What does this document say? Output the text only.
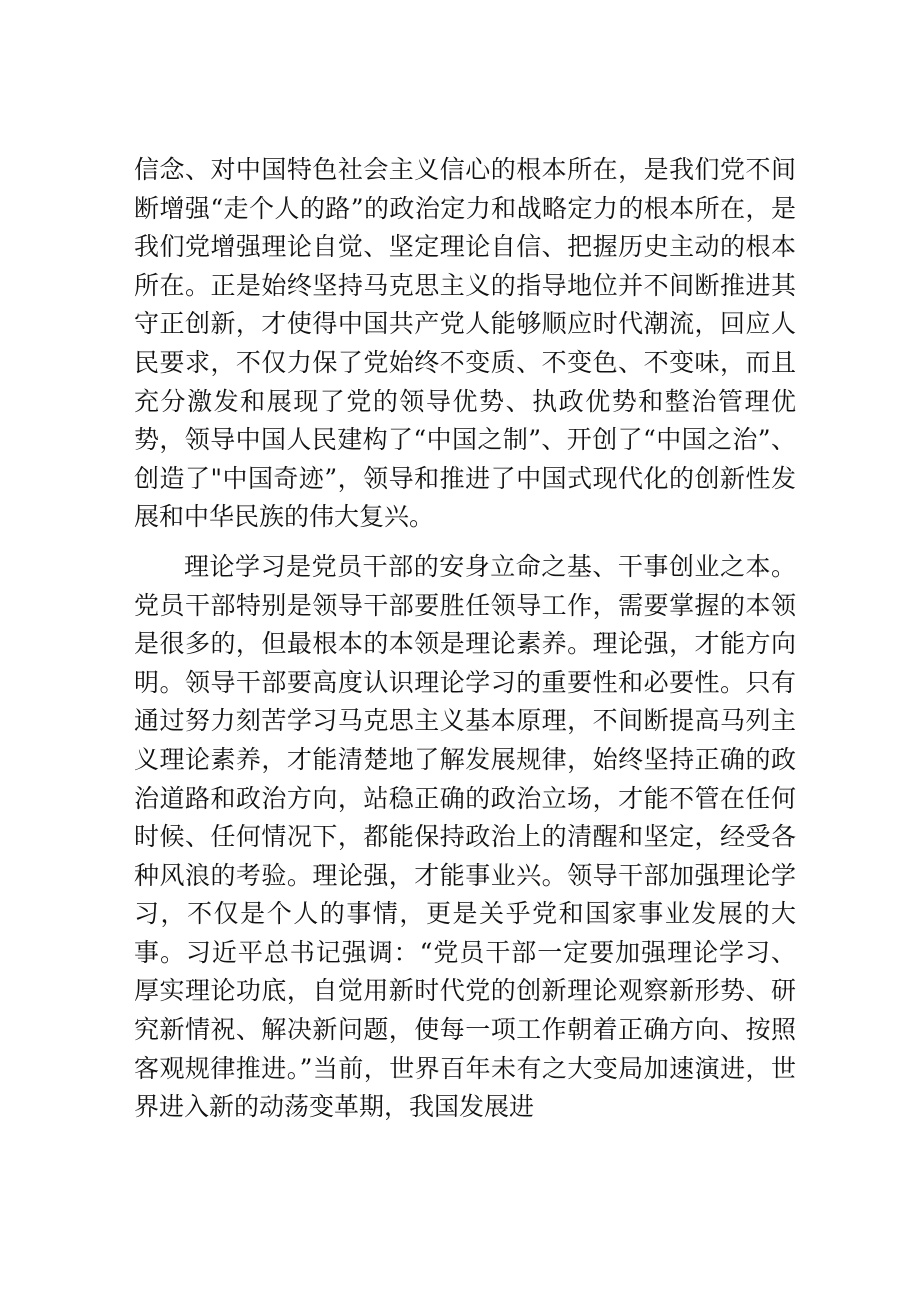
信念、对中国特色社会主义信心的根本所在，是我们党不间断增强“走个人的路”的政治定力和战略定力的根本所在，是我们党增强理论自觉、坚定理论自信、把握历史主动的根本所在。正是始终坚持马克思主义的指导地位并不间断推进其守正创新，才使得中国共产党人能够顺应时代潮流，回应人民要求，不仅力保了党始终不变质、不变色、不变味，而且充分激发和展现了党的领导优势、执政优势和整治管理优势，领导中国人民建构了“中国之制”、开创了“中国之治”、创造了"中国奇迹”，领导和推进了中国式现代化的创新性发展和中华民族的伟大复兴。

理论学习是党员干部的安身立命之基、干事创业之本。党员干部特别是领导干部要胜任领导工作，需要掌握的本领是很多的，但最根本的本领是理论素养。理论强，才能方向明。领导干部要高度认识理论学习的重要性和必要性。只有通过努力刻苦学习马克思主义基本原理，不间断提高马列主义理论素养，才能清楚地了解发展规律，始终坚持正确的政治道路和政治方向，站稳正确的政治立场，才能不管在任何时候、任何情况下，都能保持政治上的清醒和坚定，经受各种风浪的考验。理论强，才能事业兴。领导干部加强理论学习，不仅是个人的事情，更是关乎党和国家事业发展的大事。习近平总书记强调：“党员干部一定要加强理论学习、厚实理论功底，自觉用新时代党的创新理论观察新形势、研究新情祝、解决新问题，使每一项工作朝着正确方向、按照客观规律推进。”当前，世界百年未有之大变局加速演进，世界进入新的动荡变革期，我国发展进
